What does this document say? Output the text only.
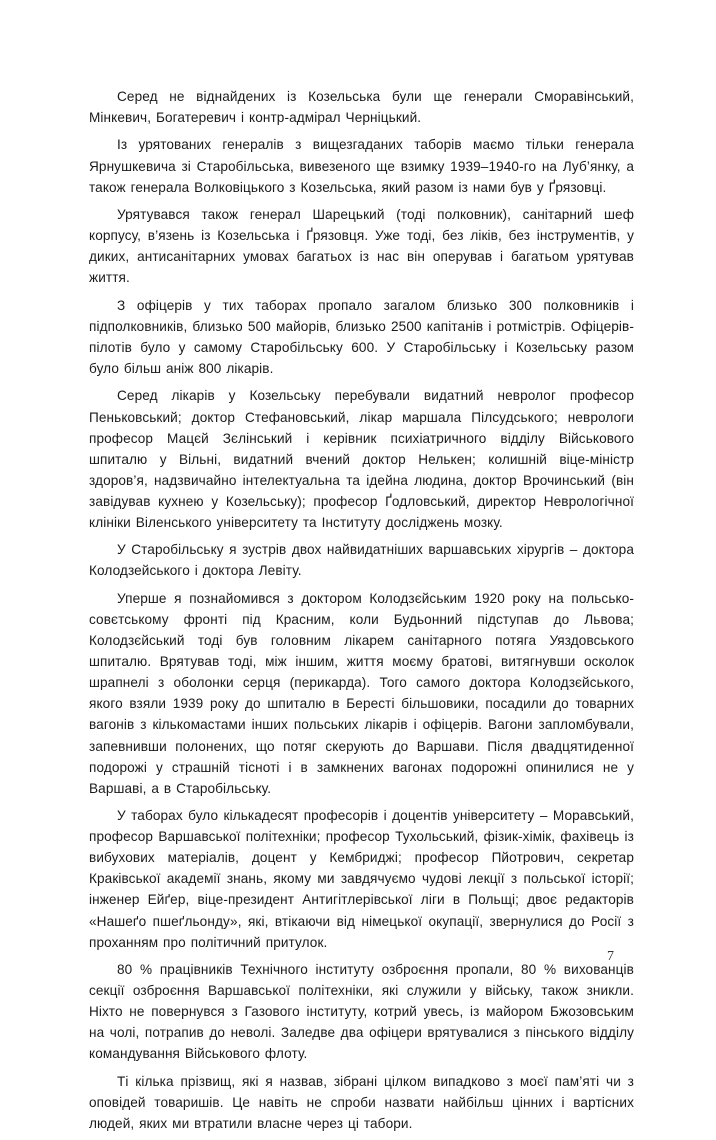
Серед не віднайдених із Козельська були ще генерали Сморавінський, Мінкевич, Богатеревич і контр-адмірал Черніцький.

Із урятованих генералів з вищезгаданих таборів маємо тільки генерала Ярнушкевича зі Старобільська, вивезеного ще взимку 1939–1940-го на Луб’янку, а також генерала Волковіцького з Козельська, який разом із нами був у Ґрязовці.

Урятувався також генерал Шарецький (тоді полковник), санітарний шеф корпусу, в’язень із Козельська і Ґрязовця. Уже тоді, без ліків, без інструментів, у диких, антисанітарних умовах багатьох із нас він оперував і багатьом урятував життя.

З офіцерів у тих таборах пропало загалом близько 300 полковників і підполковників, близько 500 майорів, близько 2500 капітанів і ротмістрів. Офіцерів-пілотів було у самому Старобільську 600. У Старобільську і Козельську разом було більш аніж 800 лікарів.

Серед лікарів у Козельську перебували видатний невролог професор Пеньковський; доктор Стефановський, лікар маршала Пілсудського; неврологи професор Мацєй Зєлінський і керівник психіатричного відділу Військового шпиталю у Вільні, видатний вчений доктор Нелькен; колишній віце-міністр здоров’я, надзвичайно інтелектуальна та ідейна людина, доктор Врочинський (він завідував кухнею у Козельську); професор Ґодловський, директор Неврологічної клініки Віленського університету та Інституту досліджень мозку.

У Старобільську я зустрів двох найвидатніших варшавських хірургів – доктора Колодзейського і доктора Левіту.

Уперше я познайомився з доктором Колодзєйським 1920 року на польсько-совєтському фронті під Красним, коли Будьонний підступав до Львова; Колодзєйський тоді був головним лікарем санітарного потяга Уяздовського шпиталю. Врятував тоді, між іншим, життя моєму братові, витягнувши осколок шрапнелі з оболонки серця (перикарда). Того самого доктора Колодзєйського, якого взяли 1939 року до шпиталю в Берeсті більшовики, посадили до товарних вагонів з кількомастами інших польських лікарів і офіцерів. Вагони запломбували, запевнивши полонених, що потяг скерують до Варшави. Після двадцятиденної подорожі у страшній тісноті і в замкнених вагонах подорожні опинилися не у Варшаві, а в Старобільську.

У таборах було кількадесят професорів і доцентів університету – Моравський, професор Варшавської політехніки; професор Тухольський, фізик-хімік, фахівець із вибухових матеріалів, доцент у Кембриджі; професор Пйотрович, секретар Краківської академії знань, якому ми завдячуємо чудові лекції з польської історії; інженер Ейґер, віце-президент Антигітлерівської ліги в Польщі; двоє редакторів «Нашеґо пшеґльонду», які, втікаючи від німецької окупації, звернулися до Росії з проханням про політичний притулок.

80 % працівників Технічного інституту озброєння пропали, 80 % вихованців секції озброєння Варшавської політехніки, які служили у війську, також зникли. Ніхто не повернувся з Газового інституту, котрий увесь, із майором Бжозовським на чолі, потрапив до неволі. Заледве два офіцери врятувалися з пінського відділу командування Військового флоту.

Ті кілька прізвищ, які я назвав, зібрані цілком випадково з моєї пам’яті чи з оповідей товаришів. Це навіть не спроби назвати найбільш цінних і вартісних людей, яких ми втратили власне через ці табори.

7
